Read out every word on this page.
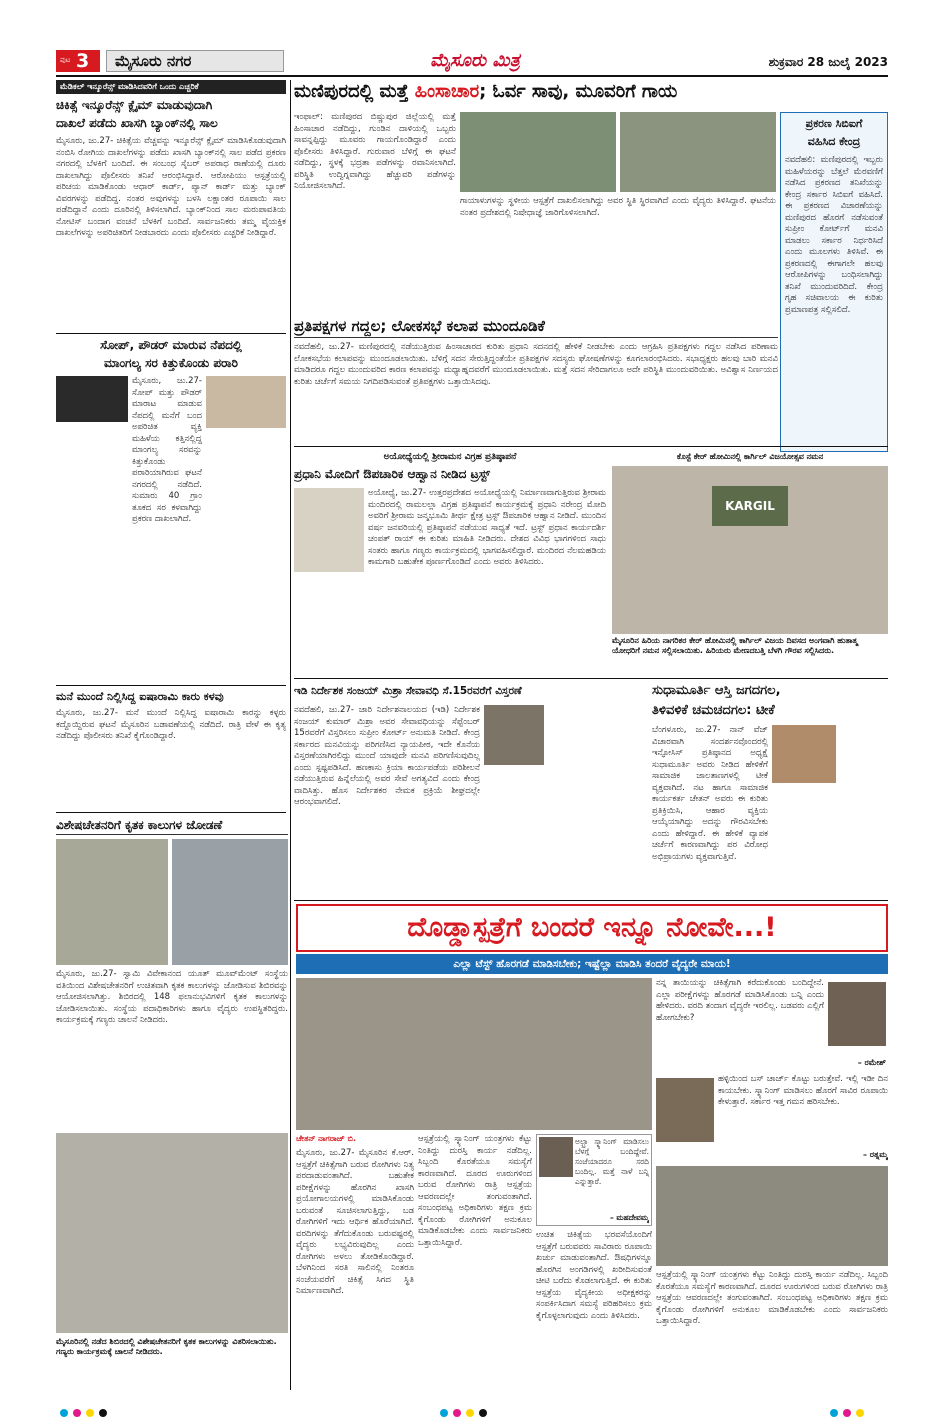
ಪುಟ 3	ಮೈಸೂರು ನಗರ	ಮೈಸೂರು ಮಿತ್ರ	ಶುಕ್ರವಾರ 28 ಜುಲೈ 2023
ಮೆಡಿಕಲ್ ಇನ್ಶೂರೆನ್ಸ್ ಮಾಡಿಸಿದವರಿಗೆ ಒಂದು ಎಚ್ಚರಿಕೆ
ಚಿಕಿತ್ಸೆ ಇನ್ಶೂರೆನ್ಸ್ ಕ್ಲೈಮ್ ಮಾಡುವುದಾಗಿ
ದಾಖಲೆ ಪಡೆದು ಖಾಸಗಿ ಬ್ಯಾಂಕ್‌ನಲ್ಲಿ ಸಾಲ
ಮೈಸೂರು, ಜು.27- ಚಿಕಿತ್ಸೆಯ ವೆಚ್ಚವನ್ನು ಇನ್ಶೂರೆನ್ಸ್ ಕ್ಲೈಮ್ ಮಾಡಿಸಿಕೊಡುವುದಾಗಿ ನಂಬಿಸಿ ರೋಗಿಯ ದಾಖಲೆಗಳನ್ನು ಪಡೆದು ಖಾಸಗಿ ಬ್ಯಾಂಕ್‌ನಲ್ಲಿ ಸಾಲ ಪಡೆದ ಪ್ರಕರಣ ನಗರದಲ್ಲಿ ಬೆಳಕಿಗೆ ಬಂದಿದೆ. ಈ ಸಂಬಂಧ ಸೈಬರ್ ಅಪರಾಧ ಠಾಣೆಯಲ್ಲಿ ದೂರು ದಾಖಲಾಗಿದ್ದು ಪೊಲೀಸರು ತನಿಖೆ ಆರಂಭಿಸಿದ್ದಾರೆ. ಆರೋಪಿಯು ಆಸ್ಪತ್ರೆಯಲ್ಲಿ ಪರಿಚಯ ಮಾಡಿಕೊಂಡು ಆಧಾರ್ ಕಾರ್ಡ್, ಪ್ಯಾನ್ ಕಾರ್ಡ್ ಮತ್ತು ಬ್ಯಾಂಕ್ ವಿವರಗಳನ್ನು ಪಡೆದಿದ್ದ. ನಂತರ ಅವುಗಳನ್ನು ಬಳಸಿ ಲಕ್ಷಾಂತರ ರೂಪಾಯಿ ಸಾಲ ಪಡೆದಿದ್ದಾನೆ ಎಂದು ದೂರಿನಲ್ಲಿ ತಿಳಿಸಲಾಗಿದೆ. ಬ್ಯಾಂಕ್‌ನಿಂದ ಸಾಲ ಮರುಪಾವತಿಯ ನೋಟಿಸ್ ಬಂದಾಗ ವಂಚನೆ ಬೆಳಕಿಗೆ ಬಂದಿದೆ. ಸಾರ್ವಜನಿಕರು ತಮ್ಮ ವೈಯಕ್ತಿಕ ದಾಖಲೆಗಳನ್ನು ಅಪರಿಚಿತರಿಗೆ ನೀಡಬಾರದು ಎಂದು ಪೊಲೀಸರು ಎಚ್ಚರಿಕೆ ನೀಡಿದ್ದಾರೆ.
ಸೋಪ್, ಪೌಡರ್ ಮಾರುವ ನೆಪದಲ್ಲಿ
ಮಾಂಗಲ್ಯ ಸರ ಕಿತ್ತುಕೊಂಡು ಪರಾರಿ
ಮೈಸೂರು, ಜು.27- ಸೋಪ್ ಮತ್ತು ಪೌಡರ್ ಮಾರಾಟ ಮಾಡುವ ನೆಪದಲ್ಲಿ ಮನೆಗೆ ಬಂದ ಅಪರಿಚಿತ ವ್ಯಕ್ತಿ ಮಹಿಳೆಯ ಕತ್ತಿನಲ್ಲಿದ್ದ ಮಾಂಗಲ್ಯ ಸರವನ್ನು ಕಿತ್ತುಕೊಂಡು ಪರಾರಿಯಾಗಿರುವ ಘಟನೆ ನಗರದಲ್ಲಿ ನಡೆದಿದೆ. ಸುಮಾರು 40 ಗ್ರಾಂ ತೂಕದ ಸರ ಕಳವಾಗಿದ್ದು ಪ್ರಕರಣ ದಾಖಲಾಗಿದೆ.
ಮನೆ ಮುಂದೆ ನಿಲ್ಲಿಸಿದ್ದ ಐಷಾರಾಮಿ ಕಾರು ಕಳವು
ಮೈಸೂರು, ಜು.27- ಮನೆ ಮುಂದೆ ನಿಲ್ಲಿಸಿದ್ದ ಐಷಾರಾಮಿ ಕಾರನ್ನು ಕಳ್ಳರು ಕದ್ದೊಯ್ದಿರುವ ಘಟನೆ ಮೈಸೂರಿನ ಬಡಾವಣೆಯಲ್ಲಿ ನಡೆದಿದೆ. ರಾತ್ರಿ ವೇಳೆ ಈ ಕೃತ್ಯ ನಡೆದಿದ್ದು ಪೊಲೀಸರು ತನಿಖೆ ಕೈಗೊಂಡಿದ್ದಾರೆ.
ವಿಶೇಷಚೇತನರಿಗೆ ಕೃತಕ ಕಾಲುಗಳ ಜೋಡಣೆ
ಮೈಸೂರು, ಜು.27- ಸ್ವಾಮಿ ವಿವೇಕಾನಂದ ಯೂತ್ ಮೂವ್‌ಮೆಂಟ್ ಸಂಸ್ಥೆಯ ವತಿಯಿಂದ ವಿಶೇಷಚೇತನರಿಗೆ ಉಚಿತವಾಗಿ ಕೃತಕ ಕಾಲುಗಳನ್ನು ಜೋಡಿಸುವ ಶಿಬಿರವನ್ನು ಆಯೋಜಿಸಲಾಗಿತ್ತು. ಶಿಬಿರದಲ್ಲಿ 148 ಫಲಾನುಭವಿಗಳಿಗೆ ಕೃತಕ ಕಾಲುಗಳನ್ನು ಜೋಡಿಸಲಾಯಿತು. ಸಂಸ್ಥೆಯ ಪದಾಧಿಕಾರಿಗಳು ಹಾಗೂ ವೈದ್ಯರು ಉಪಸ್ಥಿತರಿದ್ದರು. ಕಾರ್ಯಕ್ರಮಕ್ಕೆ ಗಣ್ಯರು ಚಾಲನೆ ನೀಡಿದರು.
ಮೈಸೂರಿನಲ್ಲಿ ನಡೆದ ಶಿಬಿರದಲ್ಲಿ ವಿಶೇಷಚೇತನರಿಗೆ ಕೃತಕ ಕಾಲುಗಳನ್ನು ವಿತರಿಸಲಾಯಿತು. ಗಣ್ಯರು ಕಾರ್ಯಕ್ರಮಕ್ಕೆ ಚಾಲನೆ ನೀಡಿದರು.
ಮಣಿಪುರದಲ್ಲಿ ಮತ್ತೆ ಹಿಂಸಾಚಾರ; ಓರ್ವ ಸಾವು, ಮೂವರಿಗೆ ಗಾಯ
ಇಂಫಾಲ್: ಮಣಿಪುರದ ಬಿಷ್ಣುಪುರ ಜಿಲ್ಲೆಯಲ್ಲಿ ಮತ್ತೆ ಹಿಂಸಾಚಾರ ನಡೆದಿದ್ದು, ಗುಂಡಿನ ದಾಳಿಯಲ್ಲಿ ಒಬ್ಬರು ಸಾವನ್ನಪ್ಪಿದ್ದು ಮೂವರು ಗಾಯಗೊಂಡಿದ್ದಾರೆ ಎಂದು ಪೊಲೀಸರು ತಿಳಿಸಿದ್ದಾರೆ. ಗುರುವಾರ ಬೆಳಿಗ್ಗೆ ಈ ಘಟನೆ ನಡೆದಿದ್ದು, ಸ್ಥಳಕ್ಕೆ ಭದ್ರತಾ ಪಡೆಗಳನ್ನು ರವಾನಿಸಲಾಗಿದೆ. ಪರಿಸ್ಥಿತಿ ಉದ್ವಿಗ್ನವಾಗಿದ್ದು ಹೆಚ್ಚುವರಿ ಪಡೆಗಳನ್ನು ನಿಯೋಜಿಸಲಾಗಿದೆ.
ಗಾಯಾಳುಗಳನ್ನು ಸ್ಥಳೀಯ ಆಸ್ಪತ್ರೆಗೆ ದಾಖಲಿಸಲಾಗಿದ್ದು ಅವರ ಸ್ಥಿತಿ ಸ್ಥಿರವಾಗಿದೆ ಎಂದು ವೈದ್ಯರು ತಿಳಿಸಿದ್ದಾರೆ. ಘಟನೆಯ ನಂತರ ಪ್ರದೇಶದಲ್ಲಿ ನಿಷೇಧಾಜ್ಞೆ ಜಾರಿಗೊಳಿಸಲಾಗಿದೆ.
ಪ್ರಕರಣ ಸಿಬಿಐಗೆ
ವಹಿಸಿದ ಕೇಂದ್ರ
ನವದೆಹಲಿ: ಮಣಿಪುರದಲ್ಲಿ ಇಬ್ಬರು ಮಹಿಳೆಯರನ್ನು ಬೆತ್ತಲೆ ಮೆರವಣಿಗೆ ನಡೆಸಿದ ಪ್ರಕರಣದ ತನಿಖೆಯನ್ನು ಕೇಂದ್ರ ಸರ್ಕಾರ ಸಿಬಿಐಗೆ ವಹಿಸಿದೆ. ಈ ಪ್ರಕರಣದ ವಿಚಾರಣೆಯನ್ನು ಮಣಿಪುರದ ಹೊರಗೆ ನಡೆಸುವಂತೆ ಸುಪ್ರೀಂ ಕೋರ್ಟ್‌ಗೆ ಮನವಿ ಮಾಡಲು ಸರ್ಕಾರ ನಿರ್ಧರಿಸಿದೆ ಎಂದು ಮೂಲಗಳು ತಿಳಿಸಿವೆ. ಈ ಪ್ರಕರಣದಲ್ಲಿ ಈಗಾಗಲೇ ಹಲವು ಆರೋಪಿಗಳನ್ನು ಬಂಧಿಸಲಾಗಿದ್ದು ತನಿಖೆ ಮುಂದುವರಿದಿದೆ. ಕೇಂದ್ರ ಗೃಹ ಸಚಿವಾಲಯ ಈ ಕುರಿತು ಪ್ರಮಾಣಪತ್ರ ಸಲ್ಲಿಸಲಿದೆ.
ಪ್ರತಿಪಕ್ಷಗಳ ಗದ್ದಲ; ಲೋಕಸಭೆ ಕಲಾಪ ಮುಂದೂಡಿಕೆ
ನವದೆಹಲಿ, ಜು.27- ಮಣಿಪುರದಲ್ಲಿ ನಡೆಯುತ್ತಿರುವ ಹಿಂಸಾಚಾರದ ಕುರಿತು ಪ್ರಧಾನಿ ಸದನದಲ್ಲಿ ಹೇಳಿಕೆ ನೀಡಬೇಕು ಎಂದು ಆಗ್ರಹಿಸಿ ಪ್ರತಿಪಕ್ಷಗಳು ಗದ್ದಲ ನಡೆಸಿದ ಪರಿಣಾಮ ಲೋಕಸಭೆಯ ಕಲಾಪವನ್ನು ಮುಂದೂಡಲಾಯಿತು. ಬೆಳಿಗ್ಗೆ ಸದನ ಸೇರುತ್ತಿದ್ದಂತೆಯೇ ಪ್ರತಿಪಕ್ಷಗಳ ಸದಸ್ಯರು ಘೋಷಣೆಗಳನ್ನು ಕೂಗಲಾರಂಭಿಸಿದರು. ಸಭಾಧ್ಯಕ್ಷರು ಹಲವು ಬಾರಿ ಮನವಿ ಮಾಡಿದರೂ ಗದ್ದಲ ಮುಂದುವರಿದ ಕಾರಣ ಕಲಾಪವನ್ನು ಮಧ್ಯಾಹ್ನದವರೆಗೆ ಮುಂದೂಡಲಾಯಿತು. ಮತ್ತೆ ಸದನ ಸೇರಿದಾಗಲೂ ಅದೇ ಪರಿಸ್ಥಿತಿ ಮುಂದುವರಿಯಿತು. ಅವಿಶ್ವಾಸ ನಿರ್ಣಯದ ಕುರಿತು ಚರ್ಚೆಗೆ ಸಮಯ ನಿಗದಿಪಡಿಸುವಂತೆ ಪ್ರತಿಪಕ್ಷಗಳು ಒತ್ತಾಯಿಸಿದವು.
ಅಯೋಧ್ಯೆಯಲ್ಲಿ ಶ್ರೀರಾಮನ ವಿಗ್ರಹ ಪ್ರತಿಷ್ಠಾಪನೆ
ಪ್ರಧಾನಿ ಮೋದಿಗೆ ಔಪಚಾರಿಕ ಆಹ್ವಾನ ನೀಡಿದ ಟ್ರಸ್ಟ್
ಅಯೋಧ್ಯೆ, ಜು.27- ಉತ್ತರಪ್ರದೇಶದ ಅಯೋಧ್ಯೆಯಲ್ಲಿ ನಿರ್ಮಾಣವಾಗುತ್ತಿರುವ ಶ್ರೀರಾಮ ಮಂದಿರದಲ್ಲಿ ರಾಮಲಲ್ಲಾ ವಿಗ್ರಹ ಪ್ರತಿಷ್ಠಾಪನೆ ಕಾರ್ಯಕ್ರಮಕ್ಕೆ ಪ್ರಧಾನಿ ನರೇಂದ್ರ ಮೋದಿ ಅವರಿಗೆ ಶ್ರೀರಾಮ ಜನ್ಮಭೂಮಿ ತೀರ್ಥ ಕ್ಷೇತ್ರ ಟ್ರಸ್ಟ್ ಔಪಚಾರಿಕ ಆಹ್ವಾನ ನೀಡಿದೆ. ಮುಂದಿನ ವರ್ಷ ಜನವರಿಯಲ್ಲಿ ಪ್ರತಿಷ್ಠಾಪನೆ ನಡೆಯುವ ಸಾಧ್ಯತೆ ಇದೆ. ಟ್ರಸ್ಟ್ ಪ್ರಧಾನ ಕಾರ್ಯದರ್ಶಿ ಚಂಪತ್ ರಾಯ್ ಈ ಕುರಿತು ಮಾಹಿತಿ ನೀಡಿದರು. ದೇಶದ ವಿವಿಧ ಭಾಗಗಳಿಂದ ಸಾಧು ಸಂತರು ಹಾಗೂ ಗಣ್ಯರು ಕಾರ್ಯಕ್ರಮದಲ್ಲಿ ಭಾಗವಹಿಸಲಿದ್ದಾರೆ. ಮಂದಿರದ ನೆಲಮಹಡಿಯ ಕಾಮಗಾರಿ ಬಹುತೇಕ ಪೂರ್ಣಗೊಂಡಿದೆ ಎಂದು ಅವರು ತಿಳಿಸಿದರು.
ಕೊಸ್ಟೆ ಕೇರ್ ಹೋಮಿನಲ್ಲಿ ಕಾರ್ಗಿಲ್ ವಿಜಯೋತ್ಸವ ನಮನ
KARGIL
ಮೈಸೂರಿನ ಹಿರಿಯ ನಾಗರಿಕರ ಕೇರ್ ಹೋಮಿನಲ್ಲಿ ಕಾರ್ಗಿಲ್ ವಿಜಯ ದಿವಸದ ಅಂಗವಾಗಿ ಹುತಾತ್ಮ ಯೋಧರಿಗೆ ನಮನ ಸಲ್ಲಿಸಲಾಯಿತು. ಹಿರಿಯರು ಮೇಣದಬತ್ತಿ ಬೆಳಗಿ ಗೌರವ ಸಲ್ಲಿಸಿದರು.
ಇಡಿ ನಿರ್ದೇಶಕ ಸಂಜಯ್ ಮಿಶ್ರಾ ಸೇವಾವಧಿ ಸೆ.15ರವರೆಗೆ ವಿಸ್ತರಣೆ
ನವದೆಹಲಿ, ಜು.27- ಜಾರಿ ನಿರ್ದೇಶನಾಲಯದ (ಇಡಿ) ನಿರ್ದೇಶಕ ಸಂಜಯ್ ಕುಮಾರ್ ಮಿಶ್ರಾ ಅವರ ಸೇವಾವಧಿಯನ್ನು ಸೆಪ್ಟೆಂಬರ್ 15ರವರೆಗೆ ವಿಸ್ತರಿಸಲು ಸುಪ್ರೀಂ ಕೋರ್ಟ್ ಅನುಮತಿ ನೀಡಿದೆ. ಕೇಂದ್ರ ಸರ್ಕಾರದ ಮನವಿಯನ್ನು ಪರಿಗಣಿಸಿದ ನ್ಯಾಯಪೀಠ, ಇದೇ ಕೊನೆಯ ವಿಸ್ತರಣೆಯಾಗಿರಲಿದ್ದು ಮುಂದೆ ಯಾವುದೇ ಮನವಿ ಪರಿಗಣಿಸುವುದಿಲ್ಲ ಎಂದು ಸ್ಪಷ್ಟಪಡಿಸಿದೆ. ಹಣಕಾಸು ಕ್ರಿಯಾ ಕಾರ್ಯಪಡೆಯ ಪರಿಶೀಲನೆ ನಡೆಯುತ್ತಿರುವ ಹಿನ್ನೆಲೆಯಲ್ಲಿ ಅವರ ಸೇವೆ ಅಗತ್ಯವಿದೆ ಎಂದು ಕೇಂದ್ರ ವಾದಿಸಿತ್ತು. ಹೊಸ ನಿರ್ದೇಶಕರ ನೇಮಕ ಪ್ರಕ್ರಿಯೆ ಶೀಘ್ರದಲ್ಲೇ ಆರಂಭವಾಗಲಿದೆ.
ಸುಧಾಮೂರ್ತಿ ಆಸ್ತಿ ಜಗದಗಲ,
ತಿಳಿವಳಿಕೆ ಚಮಚದಗಲ: ಟೀಕೆ
ಬೆಂಗಳೂರು, ಜು.27- ನಾನ್ ವೆಜ್ ವಿಚಾರವಾಗಿ ಸಂದರ್ಶನವೊಂದರಲ್ಲಿ ಇನ್ಫೋಸಿಸ್ ಪ್ರತಿಷ್ಠಾನದ ಅಧ್ಯಕ್ಷೆ ಸುಧಾಮೂರ್ತಿ ಅವರು ನೀಡಿದ ಹೇಳಿಕೆಗೆ ಸಾಮಾಜಿಕ ಜಾಲತಾಣಗಳಲ್ಲಿ ಟೀಕೆ ವ್ಯಕ್ತವಾಗಿದೆ. ನಟ ಹಾಗೂ ಸಾಮಾಜಿಕ ಕಾರ್ಯಕರ್ತ ಚೇತನ್ ಅವರು ಈ ಕುರಿತು ಪ್ರತಿಕ್ರಿಯಿಸಿ, ಆಹಾರ ವ್ಯಕ್ತಿಯ ಆಯ್ಕೆಯಾಗಿದ್ದು ಅದನ್ನು ಗೌರವಿಸಬೇಕು ಎಂದು ಹೇಳಿದ್ದಾರೆ. ಈ ಹೇಳಿಕೆ ವ್ಯಾಪಕ ಚರ್ಚೆಗೆ ಕಾರಣವಾಗಿದ್ದು ಪರ ವಿರೋಧ ಅಭಿಪ್ರಾಯಗಳು ವ್ಯಕ್ತವಾಗುತ್ತಿವೆ.
ದೊಡ್ಡಾಸ್ಪತ್ರೆಗೆ ಬಂದರೆ ಇನ್ನೂ ನೋವೇ...!
ಎಲ್ಲಾ ಟೆಸ್ಟ್ ಹೊರಗಡೆ ಮಾಡಿಸಬೇಕು; ಇಷ್ಟೆಲ್ಲಾ ಮಾಡಿಸಿ ತಂದರೆ ವೈದ್ಯರೇ ಮಾಯ!
ನನ್ನ ತಾಯಿಯನ್ನು ಚಿಕಿತ್ಸೆಗಾಗಿ ಕರೆದುಕೊಂಡು ಬಂದಿದ್ದೇನೆ. ಎಲ್ಲಾ ಪರೀಕ್ಷೆಗಳನ್ನು ಹೊರಗಡೆ ಮಾಡಿಸಿಕೊಂಡು ಬನ್ನಿ ಎಂದು ಹೇಳಿದರು. ವರದಿ ತಂದಾಗ ವೈದ್ಯರೇ ಇರಲಿಲ್ಲ. ಬಡವರು ಎಲ್ಲಿಗೆ ಹೋಗಬೇಕು?
– ರಮೇಶ್
ಹಳ್ಳಿಯಿಂದ ಬಸ್ ಚಾರ್ಜ್ ಕೊಟ್ಟು ಬರುತ್ತೇವೆ. ಇಲ್ಲಿ ಇಡೀ ದಿನ ಕಾಯಬೇಕು. ಸ್ಕ್ಯಾನಿಂಗ್ ಮಾಡಿಸಲು ಹೊರಗೆ ಸಾವಿರ ರೂಪಾಯಿ ಕೇಳುತ್ತಾರೆ. ಸರ್ಕಾರ ಇತ್ತ ಗಮನ ಹರಿಸಬೇಕು.
– ರತ್ನಮ್ಮ
ಅಲ್ಟ್ರಾ ಸ್ಕ್ಯಾನಿಂಗ್ ಮಾಡಿಸಲು ಬೆಳಗ್ಗೆ ಬಂದಿದ್ದೇವೆ. ಸಂಜೆಯಾದರೂ ಸರದಿ ಬಂದಿಲ್ಲ. ಮತ್ತೆ ನಾಳೆ ಬನ್ನಿ ಎನ್ನುತ್ತಾರೆ.
– ಮಹದೇವಮ್ಮ
ಚೇತನ್ ನಾಗರಾಜ್ ಬಿ.
ಮೈಸೂರು, ಜು.27- ಮೈಸೂರಿನ ಕೆ.ಆರ್. ಆಸ್ಪತ್ರೆಗೆ ಚಿಕಿತ್ಸೆಗಾಗಿ ಬರುವ ರೋಗಿಗಳು ನಿತ್ಯ ಪರದಾಡುವಂತಾಗಿದೆ. ಬಹುತೇಕ ಪರೀಕ್ಷೆಗಳನ್ನು ಹೊರಗಿನ ಖಾಸಗಿ ಪ್ರಯೋಗಾಲಯಗಳಲ್ಲಿ ಮಾಡಿಸಿಕೊಂಡು ಬರುವಂತೆ ಸೂಚಿಸಲಾಗುತ್ತಿದ್ದು, ಬಡ ರೋಗಿಗಳಿಗೆ ಇದು ಆರ್ಥಿಕ ಹೊರೆಯಾಗಿದೆ. ವರದಿಗಳನ್ನು ತೆಗೆದುಕೊಂಡು ಬರುವಷ್ಟರಲ್ಲಿ ವೈದ್ಯರು ಲಭ್ಯವಿರುವುದಿಲ್ಲ ಎಂದು ರೋಗಿಗಳು ಅಳಲು ತೋಡಿಕೊಂಡಿದ್ದಾರೆ. ಬೆಳಗಿನಿಂದ ಸರತಿ ಸಾಲಿನಲ್ಲಿ ನಿಂತರೂ ಸಂಜೆಯವರೆಗೆ ಚಿಕಿತ್ಸೆ ಸಿಗದ ಸ್ಥಿತಿ ನಿರ್ಮಾಣವಾಗಿದೆ.
ಆಸ್ಪತ್ರೆಯಲ್ಲಿ ಸ್ಕ್ಯಾನಿಂಗ್ ಯಂತ್ರಗಳು ಕೆಟ್ಟು ನಿಂತಿದ್ದು ದುರಸ್ತಿ ಕಾರ್ಯ ನಡೆದಿಲ್ಲ. ಸಿಬ್ಬಂದಿ ಕೊರತೆಯೂ ಸಮಸ್ಯೆಗೆ ಕಾರಣವಾಗಿದೆ. ದೂರದ ಊರುಗಳಿಂದ ಬರುವ ರೋಗಿಗಳು ರಾತ್ರಿ ಆಸ್ಪತ್ರೆಯ ಆವರಣದಲ್ಲೇ ತಂಗುವಂತಾಗಿದೆ. ಸಂಬಂಧಪಟ್ಟ ಅಧಿಕಾರಿಗಳು ತಕ್ಷಣ ಕ್ರಮ ಕೈಗೊಂಡು ರೋಗಿಗಳಿಗೆ ಅನುಕೂಲ ಮಾಡಿಕೊಡಬೇಕು ಎಂದು ಸಾರ್ವಜನಿಕರು ಒತ್ತಾಯಿಸಿದ್ದಾರೆ.
ಉಚಿತ ಚಿಕಿತ್ಸೆಯ ಭರವಸೆಯೊಂದಿಗೆ ಆಸ್ಪತ್ರೆಗೆ ಬರುವವರು ಸಾವಿರಾರು ರೂಪಾಯಿ ಖರ್ಚು ಮಾಡುವಂತಾಗಿದೆ. ಔಷಧಿಗಳನ್ನೂ ಹೊರಗಿನ ಅಂಗಡಿಗಳಲ್ಲಿ ಖರೀದಿಸುವಂತೆ ಚೀಟಿ ಬರೆದು ಕೊಡಲಾಗುತ್ತಿದೆ. ಈ ಕುರಿತು ಆಸ್ಪತ್ರೆಯ ವೈದ್ಯಕೀಯ ಅಧೀಕ್ಷಕರನ್ನು ಸಂಪರ್ಕಿಸಿದಾಗ ಸಮಸ್ಯೆ ಪರಿಹರಿಸಲು ಕ್ರಮ ಕೈಗೊಳ್ಳಲಾಗುವುದು ಎಂದು ತಿಳಿಸಿದರು.
ಆಸ್ಪತ್ರೆಯಲ್ಲಿ ಸ್ಕ್ಯಾನಿಂಗ್ ಯಂತ್ರಗಳು ಕೆಟ್ಟು ನಿಂತಿದ್ದು ದುರಸ್ತಿ ಕಾರ್ಯ ನಡೆದಿಲ್ಲ. ಸಿಬ್ಬಂದಿ ಕೊರತೆಯೂ ಸಮಸ್ಯೆಗೆ ಕಾರಣವಾಗಿದೆ. ದೂರದ ಊರುಗಳಿಂದ ಬರುವ ರೋಗಿಗಳು ರಾತ್ರಿ ಆಸ್ಪತ್ರೆಯ ಆವರಣದಲ್ಲೇ ತಂಗುವಂತಾಗಿದೆ. ಸಂಬಂಧಪಟ್ಟ ಅಧಿಕಾರಿಗಳು ತಕ್ಷಣ ಕ್ರಮ ಕೈಗೊಂಡು ರೋಗಿಗಳಿಗೆ ಅನುಕೂಲ ಮಾಡಿಕೊಡಬೇಕು ಎಂದು ಸಾರ್ವಜನಿಕರು ಒತ್ತಾಯಿಸಿದ್ದಾರೆ.
